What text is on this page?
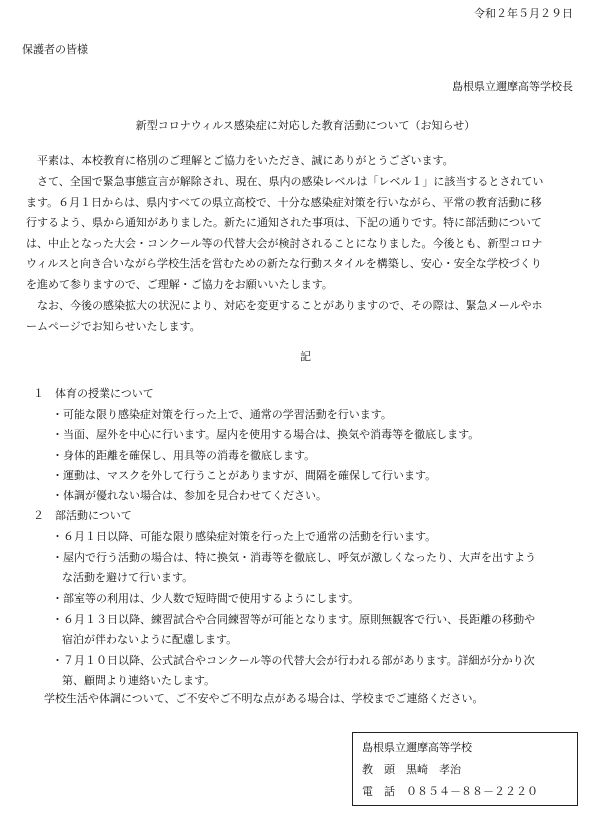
令和２年５月２９日
保護者の皆様
島根県立邇摩高等学校長
新型コロナウィルス感染症に対応した教育活動について（お知らせ）
平素は、本校教育に格別のご理解とご協力をいただき、誠にありがとうございます。
さて、全国で緊急事態宣言が解除され、現在、県内の感染レベルは「レベル１」に該当するとされてい
ます。６月１日からは、県内すべての県立高校で、十分な感染症対策を行いながら、平常の教育活動に移
行するよう、県から通知がありました。新たに通知された事項は、下記の通りです。特に部活動について
は、中止となった大会・コンクール等の代替大会が検討されることになりました。今後とも、新型コロナ
ウィルスと向き合いながら学校生活を営むための新たな行動スタイルを構築し、安心・安全な学校づくり
を進めて参りますので、ご理解・ご協力をお願いいたします。
なお、今後の感染拡大の状況により、対応を変更することがありますので、その際は、緊急メールやホ
ームページでお知らせいたします。
記
１　体育の授業について
・可能な限り感染症対策を行った上で、通常の学習活動を行います。
・当面、屋外を中心に行います。屋内を使用する場合は、換気や消毒等を徹底します。
・身体的距離を確保し、用具等の消毒を徹底します。
・運動は、マスクを外して行うことがありますが、間隔を確保して行います。
・体調が優れない場合は、参加を見合わせてください。
２　部活動について
・６月１日以降、可能な限り感染症対策を行った上で通常の活動を行います。
・屋内で行う活動の場合は、特に換気・消毒等を徹底し、呼気が激しくなったり、大声を出すよう
な活動を避けて行います。
・部室等の利用は、少人数で短時間で使用するようにします。
・６月１３日以降、練習試合や合同練習等が可能となります。原則無観客で行い、長距離の移動や
宿泊が伴わないように配慮します。
・７月１０日以降、公式試合やコンクール等の代替大会が行われる部があります。詳細が分かり次
第、顧問より連絡いたします。
学校生活や体調について、ご不安やご不明な点がある場合は、学校までご連絡ください。
島根県立邇摩高等学校
教　頭　黒崎　孝治
電　話　０８５４－８８－２２２０
